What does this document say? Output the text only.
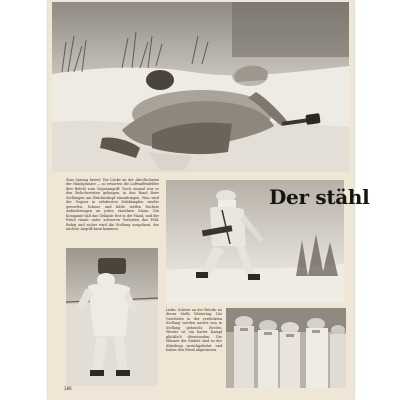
Zum Sprung bereit! Die Lücke an der Abrollschiene der Handgranate — so erwarten die Luftwaffenfelder ihre Befehl zum Gegenangriff. Noch einmal war es den Bolschewisten gelungen, in den Rand ihrer Stellungen am Brückenkopf einzudringen. Nun wird der Gegner in erbitterten Nahkämpfen wieder geworfen, Schnee und Kälte stellen höchste Anforderungen an jeden einzelnen Mann. Die Kompanie hält das Gelände fest in der Hand, und der Feind räumt unter schweren Verlusten das Feld. Ruhig und sicher wird die Stellung ausgebaut, der nächste Angriff kann kommen.
Der stähl
Links: Schwer an der Brücke an dieser Stelle Wintertag. Die Geschütze in der verdeckten Stellung werden nachts neu in Stellung gebracht. Rechts: Wieder ist ein harter Kampf glücklich überstanden. Die Männer der Einheit sind zu der Abteilung zurückgekehrt und haben den Feind abgewiesen.
186
